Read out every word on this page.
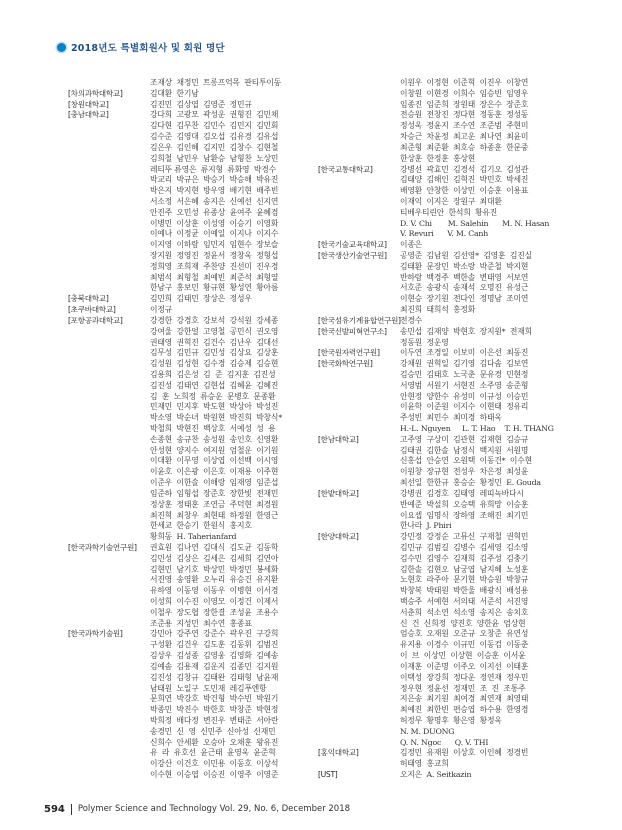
2018년도 특별회원사 및 회원 명단
조재상  채정민  트롱프억목  판티투이동
[차의과학대학교]	김대환  한기남
[창원대학교]	김진민  김상엽  김영준  정민규
[충남대학교]	강다희  고광모  곽성운  권형진  김민채
김다현  김무찬  김민수  김민지  김민회
김수준  김영대  김오섭  김유경  김유섭
김은우  김인혜  김지민  김창수  김현철
김희철  남민우  남환승  남형찬  노상민
레티뚜 류영은  류지형  류화영  박경수
박교리  박규은  박승기  박승해  박유진
박은지  박지현  방우영  배기현  배주빈
서소정  서은혜  송지은  신예선  신지연
안진주  오민성  유종상  윤여주  윤혜겸
이병민  이상훈  이성영  이승기  이영화
이예나  이정균  이예일  이지나  이지수
이지영  이하람  임민지  임현수  장보슬
장지원  정영진  정윤서  정창욱  정형섭
정희영  조희재  주찬양  진선미  진우경
최범석  최형철  최예빈  최준석  최형열
한남구  홍보민  황규현  황성연  황아름
[충북대학교]	김민희  김태민  장상은  정성우
[초쿠바대학교]	이정규
[포항공과대학교]	강경한  강경호  강보석  강석원  강세종
강여울  강한얼  고영철  공민식  권오영
권태영  권혁진  김건수  김난우  김대선
김무성  김민규  김민성  김상요  김상훈
김성원  김성현  김수경  김승제  김승현
김용희  김은성  김  준  김지훈  김진성
김진성  김태연  김현섭  김혜윤  김혜진
김  훈  노희정  류승운  문병호  문종환
민재민  민지후  박도현  박상아  박성진
박소영  박순녀  박원현  박진희  박창식*
박철희  박현진  백상호  서예성  성  용
손종현  송규찬  송성원  송인호  신영환
안성현  양지수  여지원  엄철운  이기원
이대환  이무영  이상엽  이선백  이시영
이윤호  이은광  이은호  이재용  이주현
이준우  이한솔  이해랑  임재영  임준섭
임준하  임형섭  장준호  장한빛  전재민
정상훈  정태훈  조연금  주덕현  최경원
최진혁  최창우  최현태  하정원  한영근
한세교  한승기  한원식  홍지호
황희동  H. Taherianfard
[한국과학기술연구원] 권효원  김나연  김대식  김도균  김동학
김민성  김상은  김세은  김세희  김연아
김현민  남기호  박상민  박정민  봉세화
서진영  송영환  오누리  유승건  유지환
유하영  이동영  이동우  이병현  이서경
이성희  이수진  이영모  이정건  이제서
이철우  장도협  장한결  조성윤  조용수
조준용  지성민  최수연  홍종표
[한국과학기술원]	강민아  강주연  강준수  곽우진  구강희
구성환  김건우  김도훈  김동휘  김범진
김상우  김성종  김영웅  김영화  김예송
김예솜  김용재  김운지  김종민  김지원
김진성  김창규  김태완  김태형  남윤재
남태원  노일구  도민재  레김푸엔항
문희연  박강호  박건형  박수빈  박원기
박종민  박진수  박한호  박창준  박현정
박희정  배다정  변진우  변태준  서아란
송경민  신  영  신민주  신아성  신재민
신희수  안세환  오승아  오채훈  왕유진
유  라  유호선  윤근태  윤영욱  윤준혁
이강산  이건호  이민용  이동호  이상석
이수현  이승엽  이승진  이영주  이영준
이원우  이정현  이준혁  이진우  이창연
이창원  이현경  이희수  임승빈  임영우
임종진  임준희  장원태  장은수  장준호
전승원  전창진  정다현  정동훈  정성동
정성욱  정윤지  조수연  조준범  주현미
차승근  차윤정  최고운  최나연  최윤미
최준형  최준환  최호승  하종훈  한문중
한상훈  한정훈  홍상현
[한국교통대학교]	강병선  곽효민  김경석  김기오  김성관
김태양  김해인  김혁진  박민호  박세진
배영환  안창한  이상민  이승훈  이용표
이재익  이지은  장원구  최대환
티베우티린안  한석희  황유진
D. V. Chi       M. Salehin      M. N. Hasan
V. Revuri      V. M. Canh
[한국기술교육대학교] 이종은
[한국생산기술연구원] 공영준  김남원  김선영*  김영훈  김진실
김태환  문장민  박소랑  박준철  박지현
반하람  백경주  백한솔  변태영  서보연
서호준  송광식  송재석  오명진  유성근
이현승  장기원  전다인  정명남  조미연
최진희  태희석  홍정화
[한국섬유기계융합연구원] 전경수
[한국신발피혁연구소] 송민섭  김재양  박현호  장지원*  전재희
정동원  정운영
[한국원자력연구원]	이두연  조경일  이보미  이은선  최동진
[한국화학연구원]	강채원  권혁일  김기영  김다솜  김보연
김승민  김태호  노국춘  문유경  민현정
서영범  서원기  서현진  소주영  송준형
안현정  양한수  유성미  이규성  이승민
이윤학  이준원  이지수  이현태  정유리
주성빈  최민수  최미경  하태욱
H.-L. Nguyen     L. T. Hao    T. H. THANG
[한남대학교]	고주영  구상미  김관현  김재현  김승규
김태권  김한솔  남정식  백지원  서원명
신홍섭  안승연  오원택  이동건*  이수현
이원창  장규현  전성우  차은정  최성윤
최선일  한한규  홍승순  황정민  E. Gouda
[한밭대학교]	강병권  김경호  김태영  레띠녹바다시
반예준  박설희  오승택  유희망  이승훈
이요셉  임명식  장하영  조해진  최기민
한나라  J. Phiri
[한양대학교]	강민정  강정순  고뮤신  구재철  권혁민
김민규  김범길  김병수  김세영  김소영
김수민  김영수  김재희  김주성  김충기
김한솔  김현오  남궁엽  남지혜  노성훈
노현호  라주아  문기현  박승원  박창규
박창복  박태원  박한울  배광식  배성용
백승주  서예현  서의태  서준석  서진영
서춘희  석소연  석소영  송지은  송치호
신  건  신희정  양진호  양한윤  엄상현
엄승호  오재원  오준규  오창준  유연성
유지용  이경수  이규민  이동검  이동춘
이  브  이상민  이상현  이승훈  이서윤
이재훈  이준명  이주오  이지선  이태훈
이택성  장강희  정다운  정연재  정우민
정우현  정윤선  정재민  조  진  조통주
지은송  최기원  최여경  최연재  최영태
최예진  최한빈  편승엽  하수용  한영경
허정무  황명후  황은영  황정욱
N. M. DUONG
Q. N. Ngoc      Q. V. THI
[홍익대학교]	김정민  유재원  이상호  이인혜  정경빈
허태영  홍교희
[UST]	오지은  A. Seitkazin
594 Polymer Science and Technology Vol. 29, No. 6, December 2018
